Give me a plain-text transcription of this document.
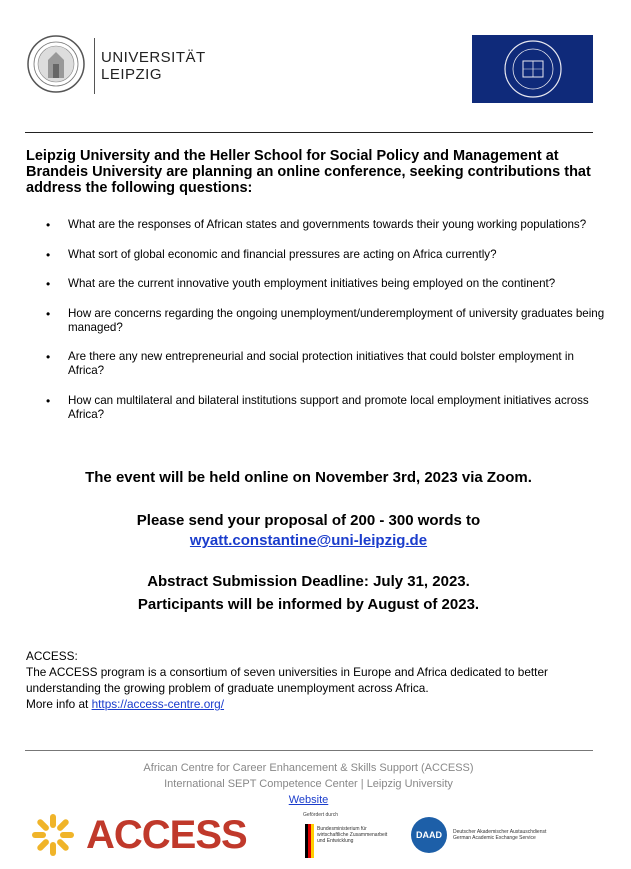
UNIVERSITÄT
LEIPZIG
Leipzig University and the Heller School for Social Policy and Management at Brandeis University are planning an online conference, seeking contributions that address the following questions:
• What are the responses of African states and governments towards their young working populations?
• What sort of global economic and financial pressures are acting on Africa currently?
• What are the current innovative youth employment initiatives being employed on the continent?
• How are concerns regarding the ongoing unemployment/underemployment of university graduates being managed?
• Are there any new entrepreneurial and social protection initiatives that could bolster employment in Africa?
• How can multilateral and bilateral institutions support and promote local employment initiatives across Africa?
The event will be held online on November 3rd, 2023 via Zoom.
Please send your proposal of 200 - 300 words to
wyatt.constantine@uni-leipzig.de
Abstract Submission Deadline: July 31, 2023.
Participants will be informed by August of 2023.
ACCESS:
The ACCESS program is a consortium of seven universities in Europe and Africa dedicated to better understanding the growing problem of graduate unemployment across Africa.
More info at https://access-centre.org/
African Centre for Career Enhancement & Skills Support (ACCESS)
International SEPT Competence Center | Leipzig University
Website
ACCESS	Gefördert durch
Bundesministerium für wirtschaftliche Zusammenarbeit und Entwicklung
DAAD	Deutscher Akademischer Austauschdienst German Academic Exchange Service
